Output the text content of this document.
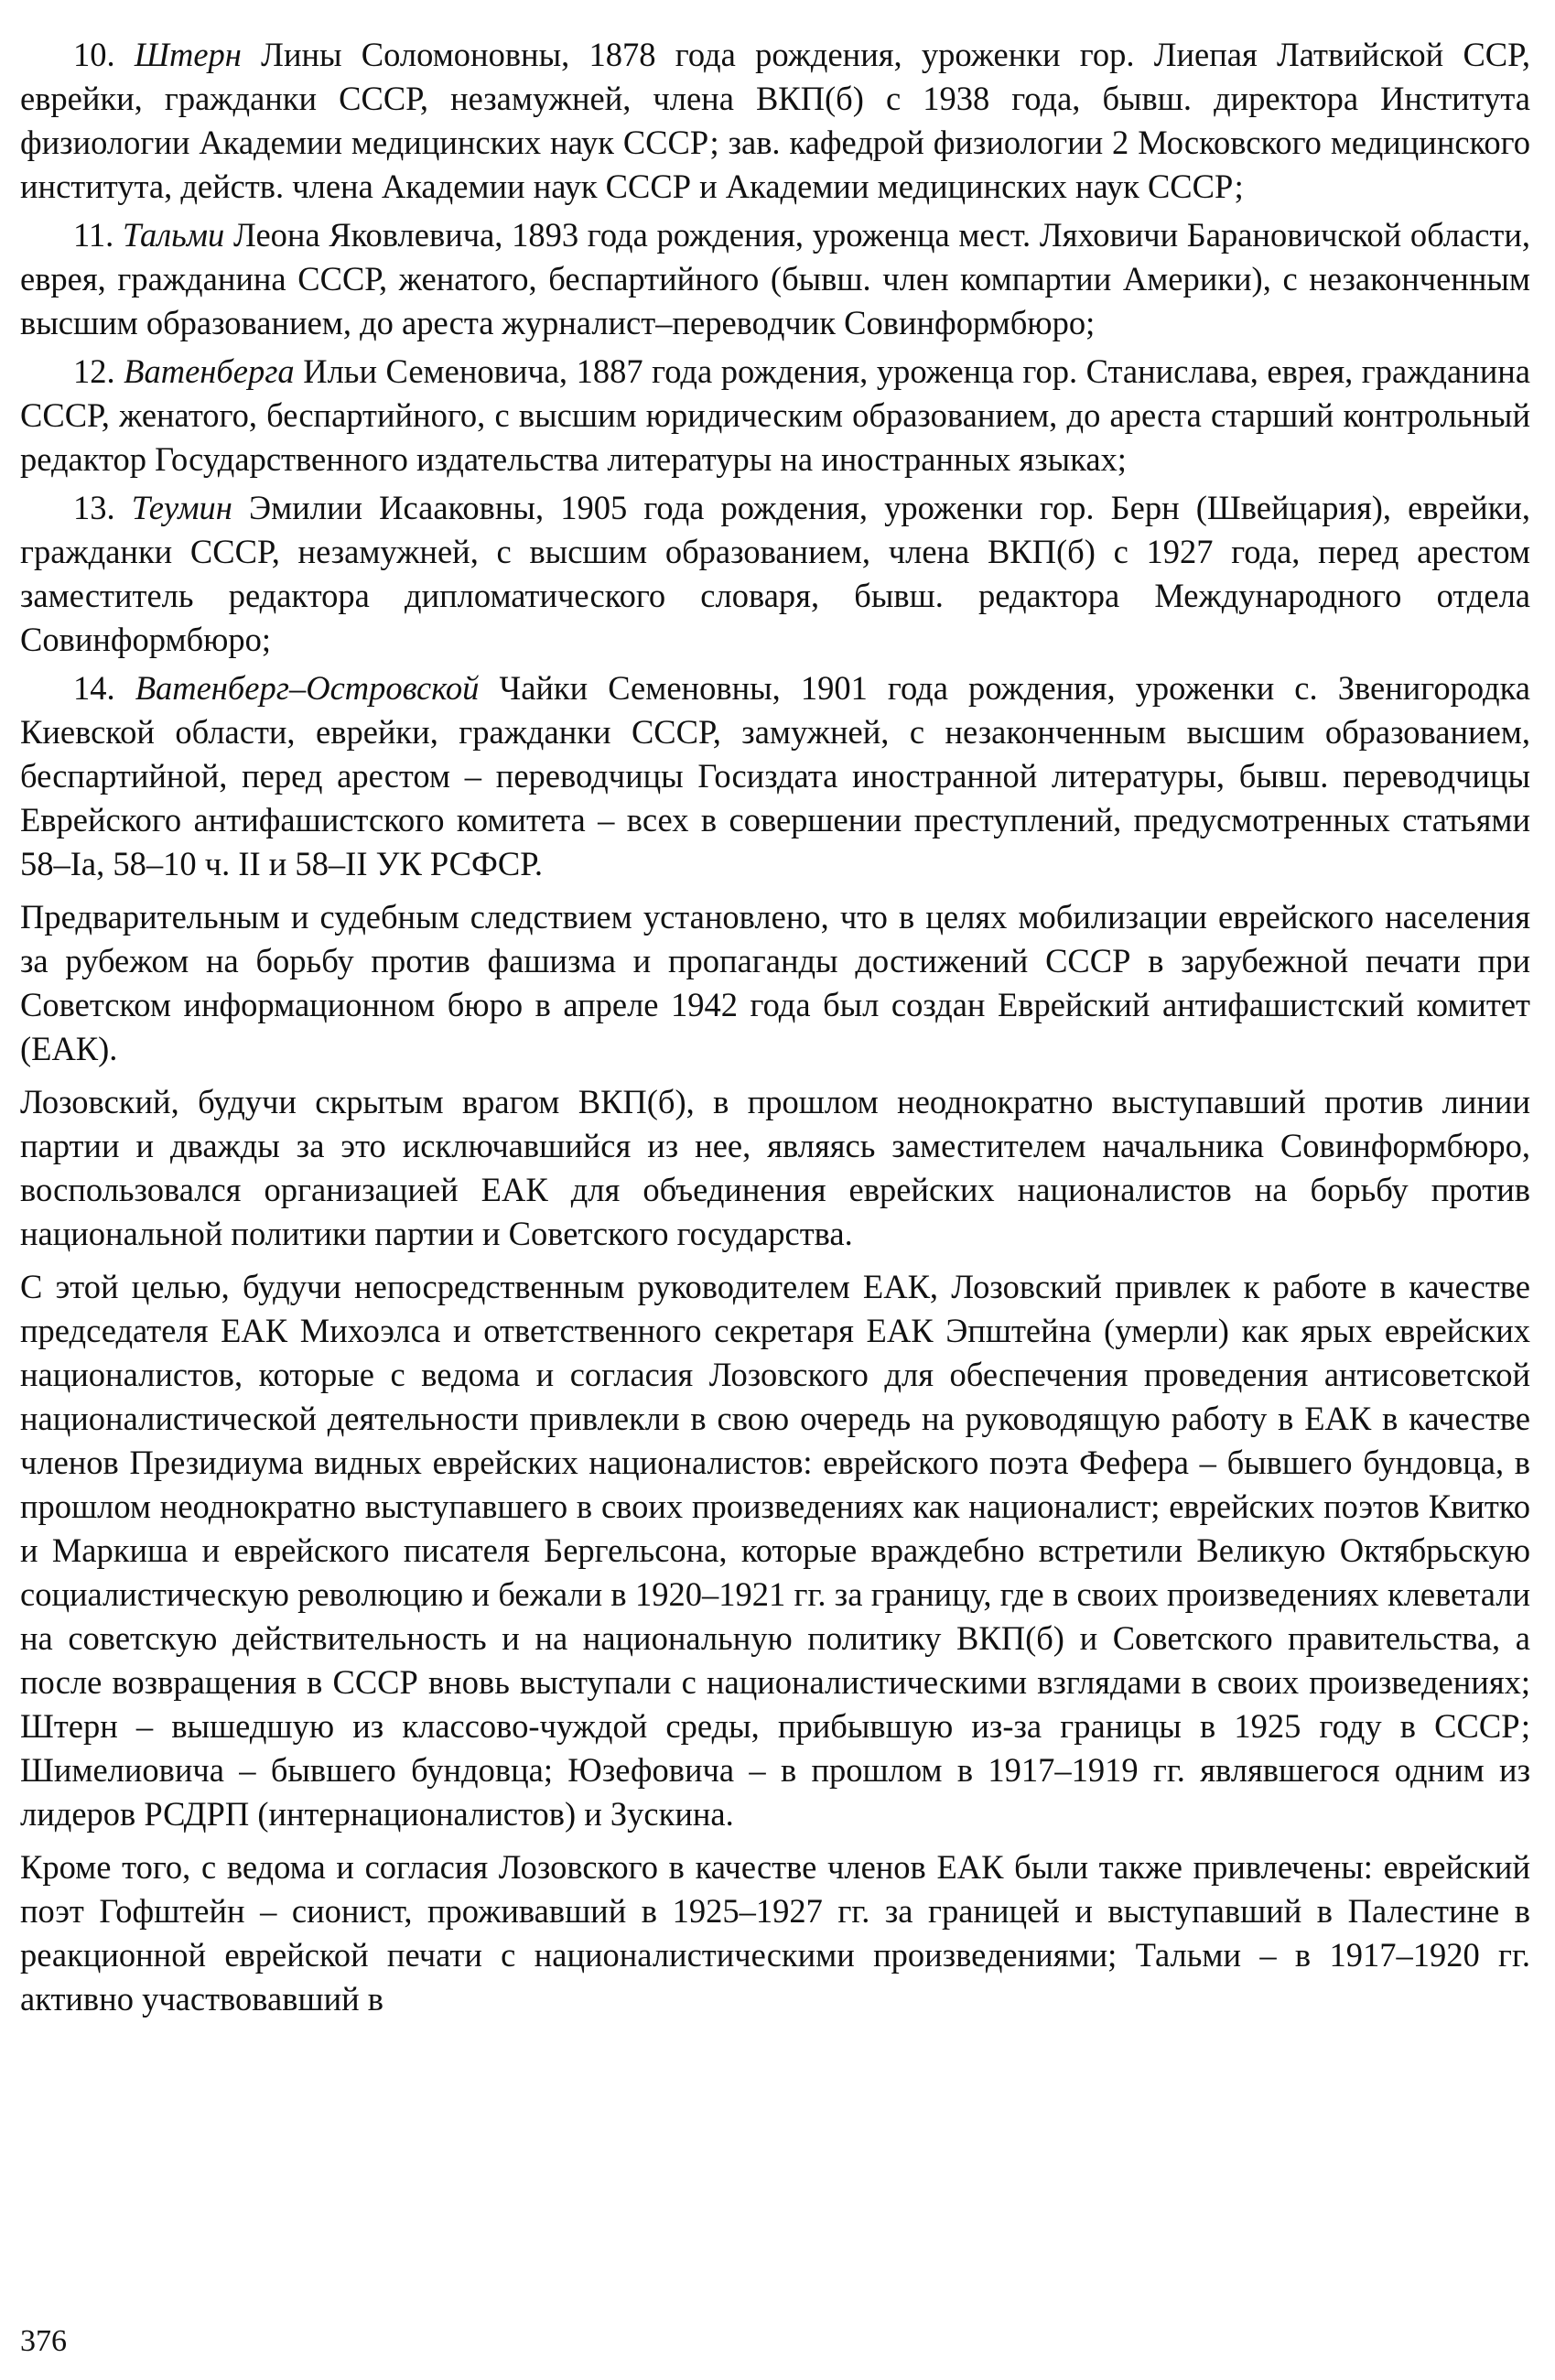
10. Штерн Лины Соломоновны, 1878 года рождения, уроженки гор. Лиепая Латвийской ССР, еврейки, гражданки СССР, незамужней, члена ВКП(б) с 1938 года, бывш. директора Института физиологии Академии медицинских наук СССР; зав. кафедрой физиологии 2 Московского медицинского института, действ. члена Академии наук СССР и Академии медицинских наук СССР;

11. Тальми Леона Яковлевича, 1893 года рождения, уроженца мест. Ляховичи Барановичской области, еврея, гражданина СССР, женатого, беспартийного (бывш. член компартии Америки), с незаконченным высшим образованием, до ареста журналист–переводчик Совинформбюро;

12. Ватенберга Ильи Семеновича, 1887 года рождения, уроженца гор. Станислава, еврея, гражданина СССР, женатого, беспартийного, с высшим юридическим образованием, до ареста старший контрольный редактор Государственного издательства литературы на иностранных языках;

13. Теумин Эмилии Исааковны, 1905 года рождения, уроженки гор. Берн (Швейцария), еврейки, гражданки СССР, незамужней, с высшим образованием, члена ВКП(б) с 1927 года, перед арестом заместитель редактора дипломатического словаря, бывш. редактора Международного отдела Совинформбюро;

14. Ватенберг–Островской Чайки Семеновны, 1901 года рождения, уроженки с. Звенигородка Киевской области, еврейки, гражданки СССР, замужней, с незаконченным высшим образованием, беспартийной, перед арестом – переводчицы Госиздата иностранной литературы, бывш. переводчицы Еврейского антифашистского комитета – всех в совершении преступлений, предусмотренных статьями 58–Ia, 58–10 ч. II и 58–II УК РСФСР.

Предварительным и судебным следствием установлено, что в целях мобилизации еврейского населения за рубежом на борьбу против фашизма и пропаганды достижений СССР в зарубежной печати при Советском информационном бюро в апреле 1942 года был создан Еврейский антифашистский комитет (ЕАК).

Лозовский, будучи скрытым врагом ВКП(б), в прошлом неоднократно выступавший против линии партии и дважды за это исключавшийся из нее, являясь заместителем начальника Совинформбюро, воспользовался организацией ЕАК для объединения еврейских националистов на борьбу против национальной политики партии и Советского государства.

С этой целью, будучи непосредственным руководителем ЕАК, Лозовский привлек к работе в качестве председателя ЕАК Михоэлса и ответственного секретаря ЕАК Эпштейна (умерли) как ярых еврейских националистов, которые с ведома и согласия Лозовского для обеспечения проведения антисоветской националистической деятельности привлекли в свою очередь на руководящую работу в ЕАК в качестве членов Президиума видных еврейских националистов: еврейского поэта Фефера – бывшего бундовца, в прошлом неоднократно выступавшего в своих произведениях как националист; еврейских поэтов Квитко и Маркиша и еврейского писателя Бергельсона, которые враждебно встретили Великую Октябрьскую социалистическую революцию и бежали в 1920–1921 гг. за границу, где в своих произведениях клеветали на советскую действительность и на национальную политику ВКП(б) и Советского правительства, а после возвращения в СССР вновь выступали с националистическими взглядами в своих произведениях; Штерн – вышедшую из классово-чуждой среды, прибывшую из-за границы в 1925 году в СССР; Шимелиовича – бывшего бундовца; Юзефовича – в прошлом в 1917–1919 гг. являвшегося одним из лидеров РСДРП (интернационалистов) и Зускина.

Кроме того, с ведома и согласия Лозовского в качестве членов ЕАК были также привлечены: еврейский поэт Гофштейн – сионист, проживавший в 1925–1927 гг. за границей и выступавший в Палестине в реакционной еврейской печати с националистическими произведениями; Тальми – в 1917–1920 гг. активно участвовавший в

376
